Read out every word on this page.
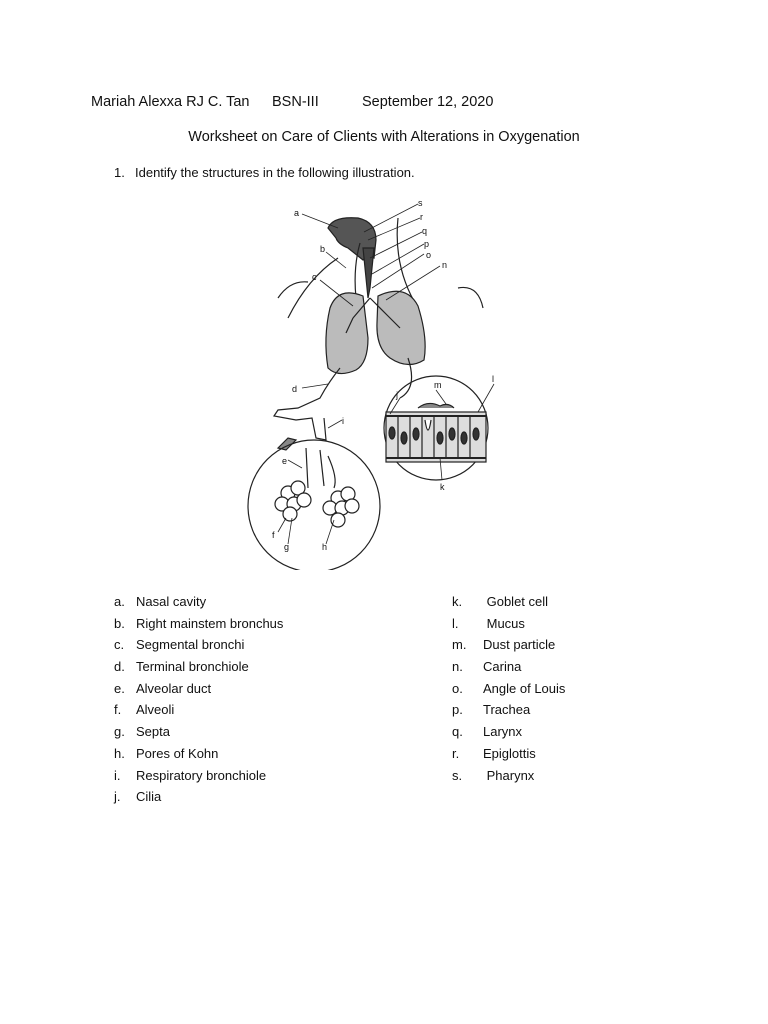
Mariah Alexxa RJ C. Tan BSN-III	September 12, 2020
Worksheet on Care of Clients with Alterations in Oxygenation
1. Identify the structures in the following illustration.
a
b
c
d
e
f
g	h
i
j
k
l
m
n
o
p
q
r
s
a. Nasal cavity
b. Right mainstem bronchus
c. Segmental bronchi
d. Terminal bronchiole
e. Alveolar duct
f.	Alveoli
g. Septa
h. Pores of Kohn
i.	Respiratory bronchiole
j.	Cilia
k.	Goblet cell
l.	Mucus
m.	Dust particle
n.	Carina
o.	Angle of Louis
p.	Trachea
q.	Larynx
r.	Epiglottis
s.	Pharynx
